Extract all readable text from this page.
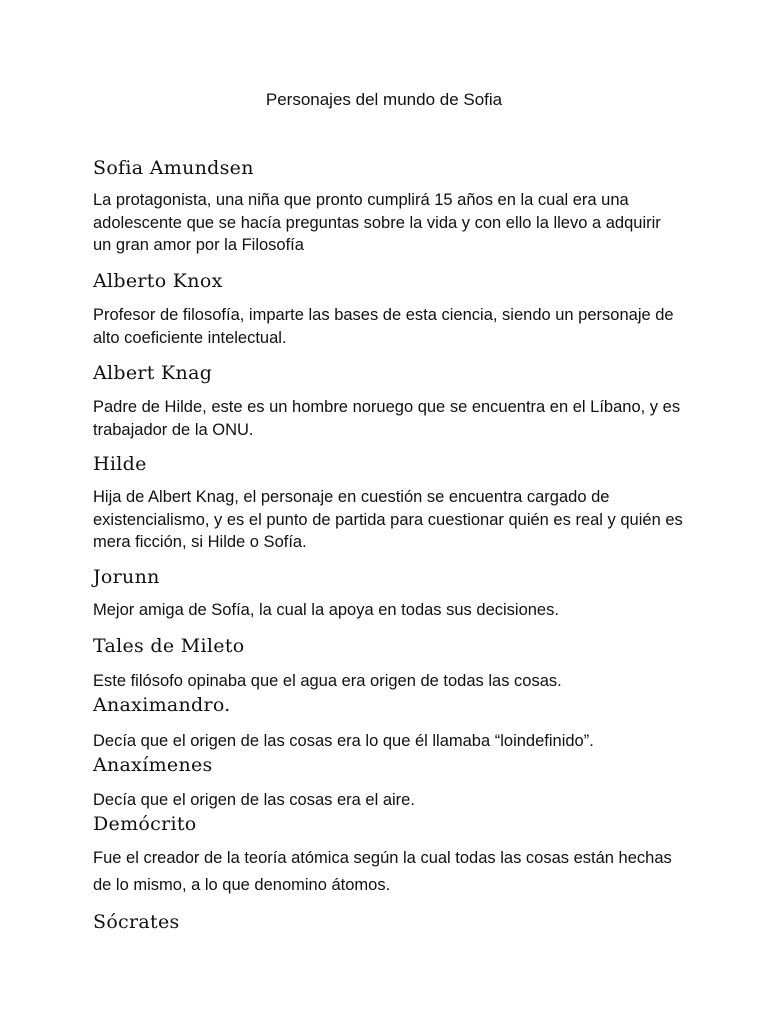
Personajes del mundo de Sofia
Sofia Amundsen

La protagonista, una niña que pronto cumplirá 15 años en la cual era una adolescente que se hacía preguntas sobre la vida y con ello la llevo a adquirir un gran amor por la Filosofía

Alberto Knox

Profesor de filosofía, imparte las bases de esta ciencia, siendo un personaje de alto coeficiente intelectual.

Albert Knag

Padre de Hilde, este es un hombre noruego que se encuentra en el Líbano, y es trabajador de la ONU.

Hilde

Hija de Albert Knag, el personaje en cuestión se encuentra cargado de existencialismo, y es el punto de partida para cuestionar quién es real y quién es mera ficción, si Hilde o Sofía.

Jorunn

Mejor amiga de Sofía, la cual la apoya en todas sus decisiones.

Tales de Mileto

Este filósofo opinaba que el agua era origen de todas las cosas.

Anaximandro.

Decía que el origen de las cosas era lo que él llamaba “loindefinido”.

Anaxímenes

Decía que el origen de las cosas era el aire.

Demócrito

Fue el creador de la teoría atómica según la cual todas las cosas están hechas de lo mismo, a lo que denomino átomos.

Sócrates
